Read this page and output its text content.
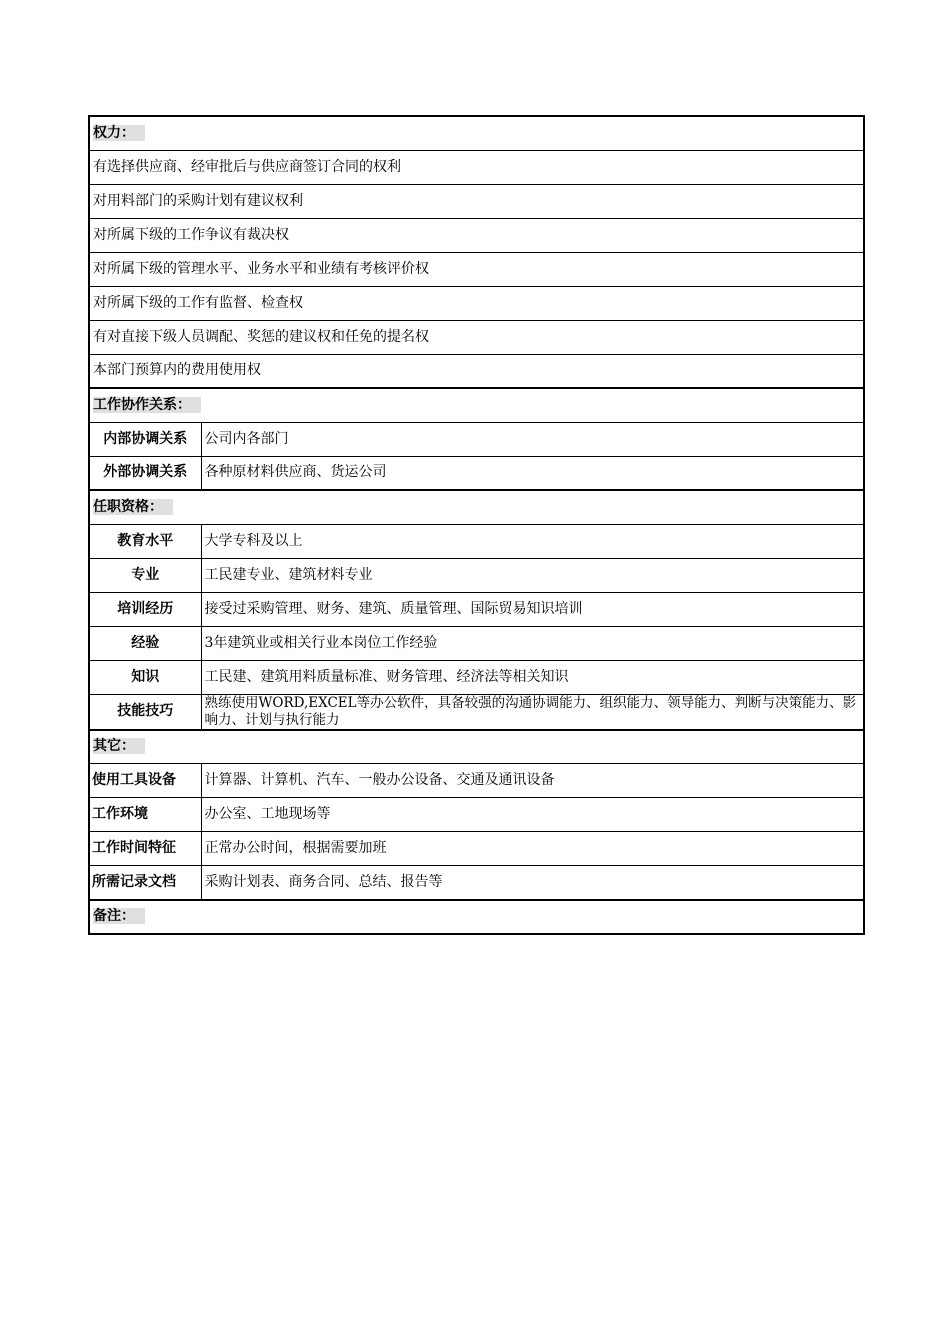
权力：	
有选择供应商、经审批后与供应商签订合同的权利	
对用料部门的采购计划有建议权利	
对所属下级的工作争议有裁决权	
对所属下级的管理水平、业务水平和业绩有考核评价权	
对所属下级的工作有监督、检查权	
有对直接下级人员调配、奖惩的建议权和任免的提名权	
本部门预算内的费用使用权	
工作协作关系：	
内部协调关系	公司内各部门
外部协调关系	各种原材料供应商、货运公司
任职资格：	
教育水平	大学专科及以上
专业	工民建专业、建筑材料专业
培训经历	接受过采购管理、财务、建筑、质量管理、国际贸易知识培训
经验	3年建筑业或相关行业本岗位工作经验
知识	工民建、建筑用料质量标准、财务管理、经济法等相关知识
技能技巧	熟练使用WORD,EXCEL等办公软件，具备较强的沟通协调能力、组织能力、领导能力、判断与决策能力、影响力、计划与执行能力
其它：	
使用工具设备	计算器、计算机、汽车、一般办公设备、交通及通讯设备
工作环境	办公室、工地现场等
工作时间特征	正常办公时间，根据需要加班
所需记录文档	采购计划表、商务合同、总结、报告等
备注：	
